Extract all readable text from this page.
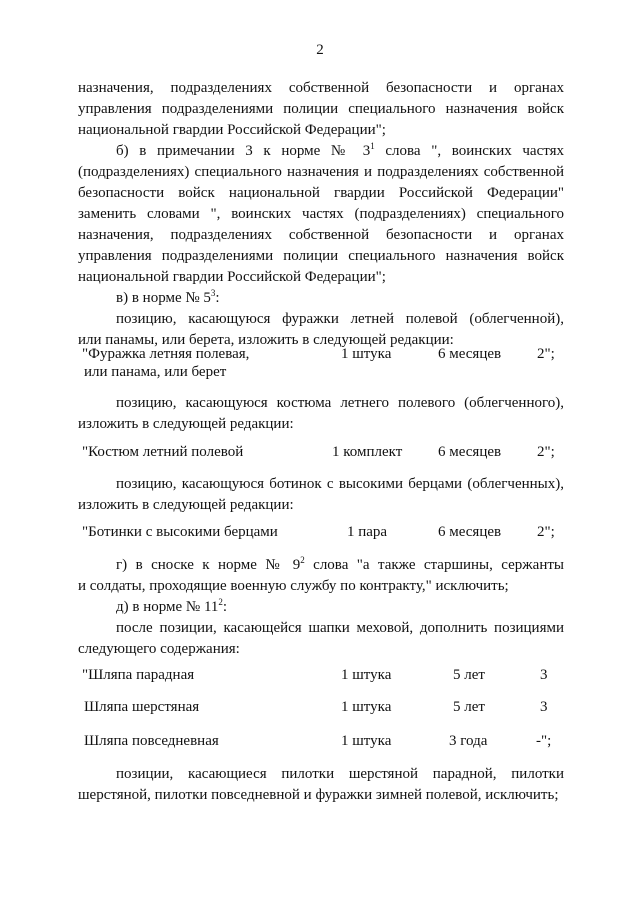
2
назначения, подразделениях собственной безопасности и органах
управления подразделениями полиции специального назначения войск
национальной гвардии Российской Федерации";
б) в примечании 3 к норме № $3^1$ слова ", воинских частях
(подразделениях) специального назначения и подразделениях собственной
безопасности войск национальной гвардии Российской Федерации"
заменить словами ", воинских частях (подразделениях) специального
назначения, подразделениях собственной безопасности и органах
управления подразделениями полиции специального назначения войск
национальной гвардии Российской Федерации";
в) в норме № $5^3$:
позицию, касающуюся фуражки летней полевой (облегченной),
или панамы, или берета, изложить в следующей редакции:
"Фуражка летняя полевая,
или панама, или берет
1 штука	6 месяцев 2";
позицию, касающуюся костюма летнего полевого (облегченного),
изложить в следующей редакции:
"Костюм летний полевой	1 комплект 6 месяцев 2";
позицию, касающуюся ботинок с высокими берцами (облегченных),
изложить в следующей редакции:
"Ботинки с высокими берцами	1 пара	6 месяцев 2";
г) в сноске к норме № $9^2$ слова "а также старшины, сержанты
и солдаты, проходящие военную службу по контракту," исключить;
д) в норме № $11^2$:
после позиции, касающейся шапки меховой, дополнить позициями
следующего содержания:
"Шляпа парадная	1 штука	5 лет	3
Шляпа шерстяная	1 штука	5 лет	3
Шляпа повседневная	1 штука	3 года	-";
позиции, касающиеся пилотки шерстяной парадной, пилотки
шерстяной, пилотки повседневной и фуражки зимней полевой, исключить;
